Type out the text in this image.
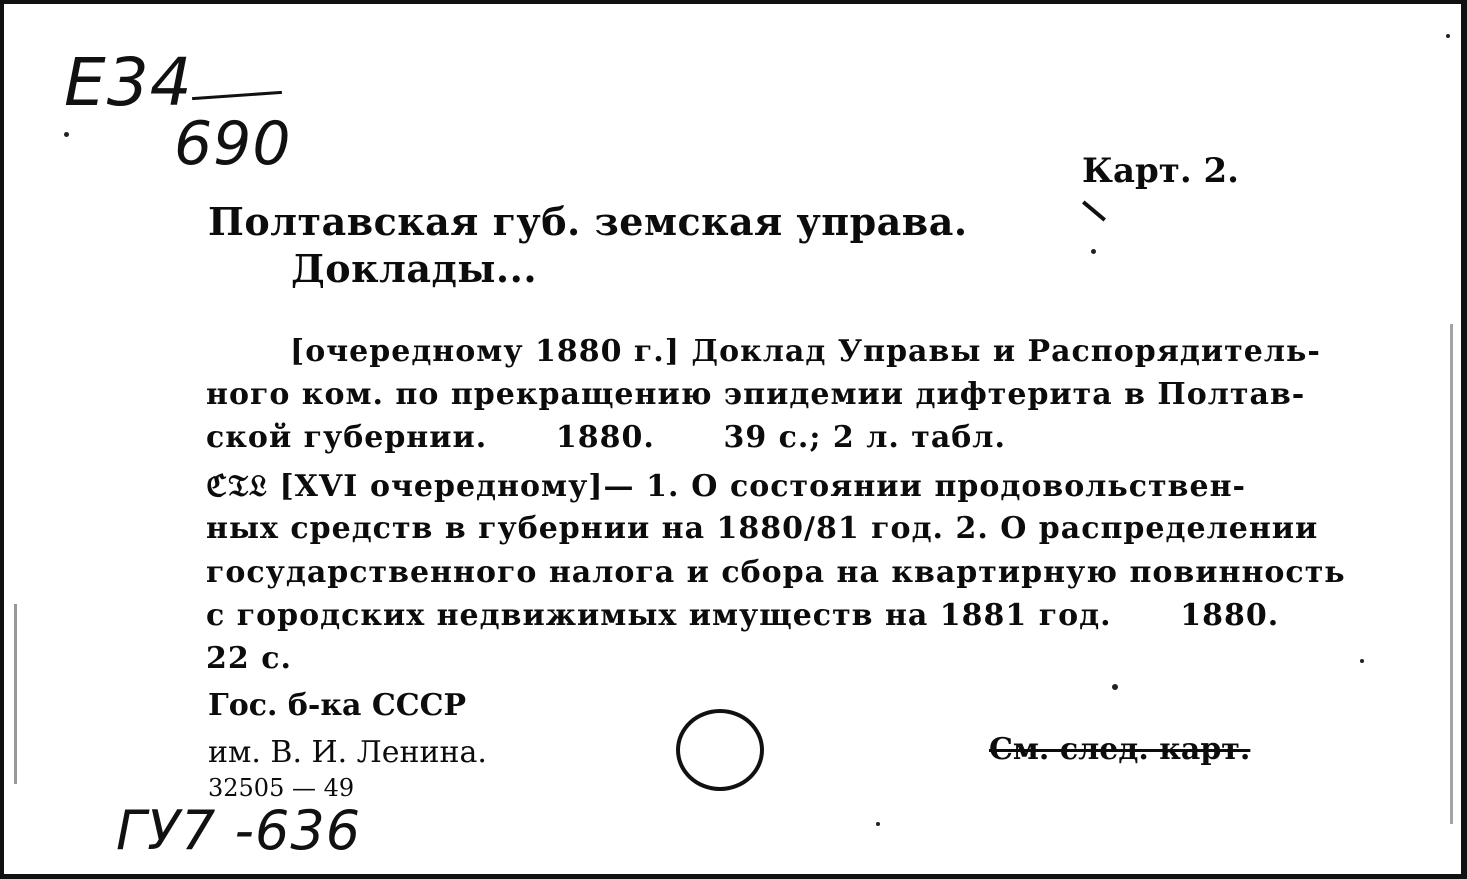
Е34
690	Карт. 2.
Полтавская губ. земская управа.
Доклады...
[очередному 1880 г.] Доклад Управы и Распорядитель-
ного ком. по прекращению эпидемии дифтерита в Полтав-
ской губернии.      1880.      39 с.; 2 л. табл.
ℭ𝔗𝔏 [XVI очередному]— 1. О состоянии продовольствен-
ных средств в губернии на 1880/81 год. 2. О распределении
государственного налога и сбора на квартирную повинность
с городских недвижимых имуществ на 1881 год.      1880.
22 с.
Гос. б-ка СССР
им. В. И. Ленина.
32505 — 49
См. след. карт.
ГУ7 -636
